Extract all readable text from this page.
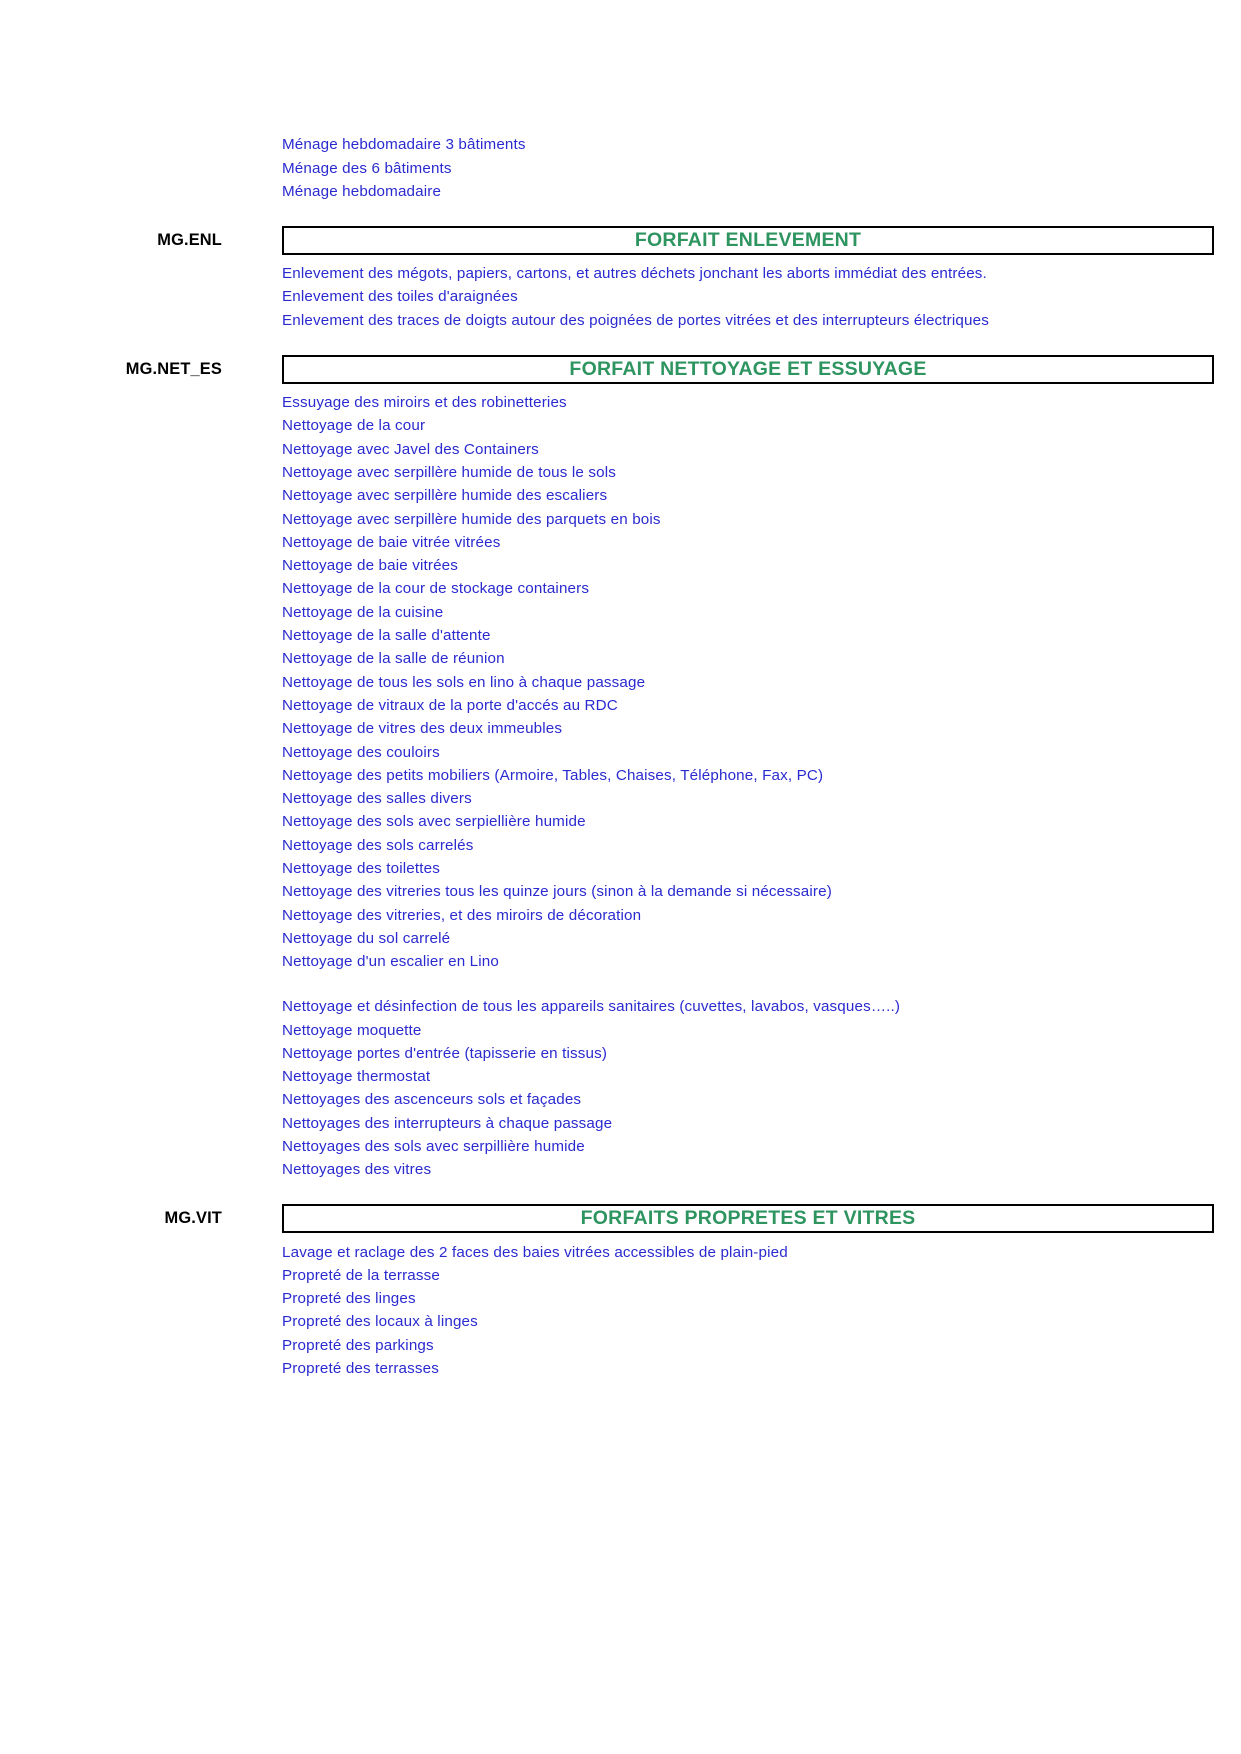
Ménage hebdomadaire 3 bâtiments
Ménage des 6 bâtiments
Ménage hebdomadaire
MG.ENL	FORFAIT ENLEVEMENT
Enlevement des mégots, papiers, cartons, et autres déchets jonchant les aborts immédiat des entrées.
Enlevement des toiles d'araignées
Enlevement des traces de doigts autour des poignées de portes vitrées et des interrupteurs électriques
MG.NET_ES	FORFAIT NETTOYAGE ET ESSUYAGE
Essuyage des miroirs et des robinetteries
Nettoyage de la cour
Nettoyage avec Javel des Containers
Nettoyage avec serpillère humide de tous le sols
Nettoyage avec serpillère humide des escaliers
Nettoyage avec serpillère humide des parquets en bois
Nettoyage de baie vitrée vitrées
Nettoyage de baie vitrées
Nettoyage de la cour de stockage containers
Nettoyage de la cuisine
Nettoyage de la salle d'attente
Nettoyage de la salle de réunion
Nettoyage de tous les sols en lino à chaque passage
Nettoyage de vitraux de la porte d'accés au RDC
Nettoyage de vitres des deux immeubles
Nettoyage des couloirs
Nettoyage des petits mobiliers (Armoire, Tables, Chaises, Téléphone, Fax, PC)
Nettoyage des salles divers
Nettoyage des sols avec serpiellière humide
Nettoyage des sols carrelés
Nettoyage des toilettes
Nettoyage des vitreries tous les quinze jours (sinon à la demande si nécessaire)
Nettoyage des vitreries, et des miroirs de décoration
Nettoyage du sol carrelé
Nettoyage d'un escalier en Lino
Nettoyage et désinfection de tous les appareils sanitaires (cuvettes, lavabos, vasques…..)
Nettoyage moquette
Nettoyage portes d'entrée (tapisserie en tissus)
Nettoyage thermostat
Nettoyages des ascenceurs sols et façades
Nettoyages des interrupteurs à chaque passage
Nettoyages des sols avec serpillière humide
Nettoyages des vitres
MG.VIT	FORFAITS PROPRETES ET VITRES
Lavage et raclage des 2 faces des baies vitrées accessibles de plain-pied
Propreté de la terrasse
Propreté des linges
Propreté des locaux à linges
Propreté des parkings
Propreté des terrasses
